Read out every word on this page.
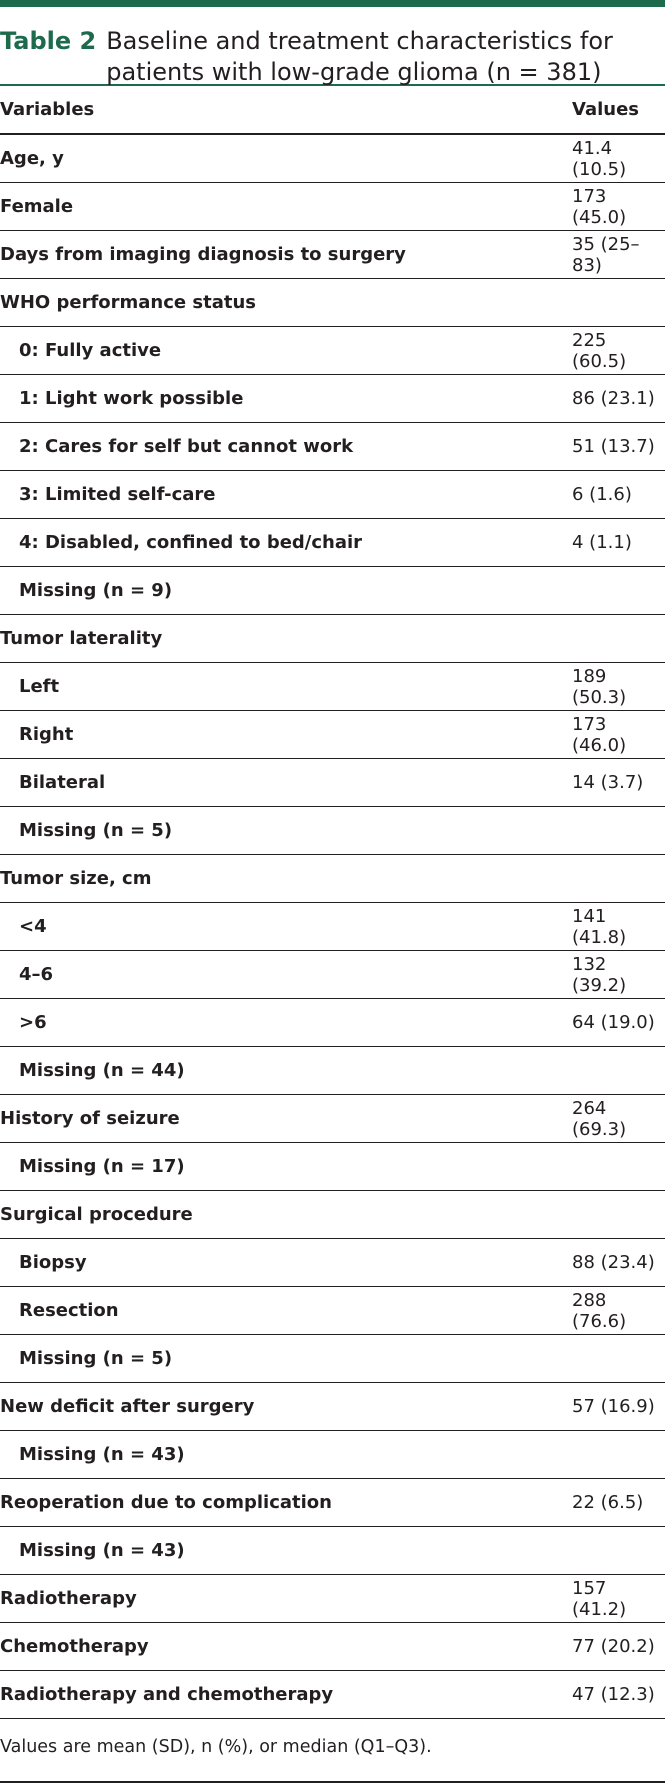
Table 2 Baseline and treatment characteristics for patients with low-grade glioma (n = 381)
Variables	Values
Age, y	41.4 (10.5)
Female	173 (45.0)
Days from imaging diagnosis to surgery	35 (25–83)
WHO performance status	
0: Fully active	225 (60.5)
1: Light work possible	86 (23.1)
2: Cares for self but cannot work	51 (13.7)
3: Limited self-care	6 (1.6)
4: Disabled, confined to bed/chair	4 (1.1)
Missing (n = 9)	
Tumor laterality	
Left	189 (50.3)
Right	173 (46.0)
Bilateral	14 (3.7)
Missing (n = 5)	
Tumor size, cm	
<4	141 (41.8)
4–6	132 (39.2)
>6	64 (19.0)
Missing (n = 44)	
History of seizure	264 (69.3)
Missing (n = 17)	
Surgical procedure	
Biopsy	88 (23.4)
Resection	288 (76.6)
Missing (n = 5)	
New deficit after surgery	57 (16.9)
Missing (n = 43)	
Reoperation due to complication	22 (6.5)
Missing (n = 43)	
Radiotherapy	157 (41.2)
Chemotherapy	77 (20.2)
Radiotherapy and chemotherapy	47 (12.3)
Values are mean (SD), n (%), or median (Q1–Q3).
